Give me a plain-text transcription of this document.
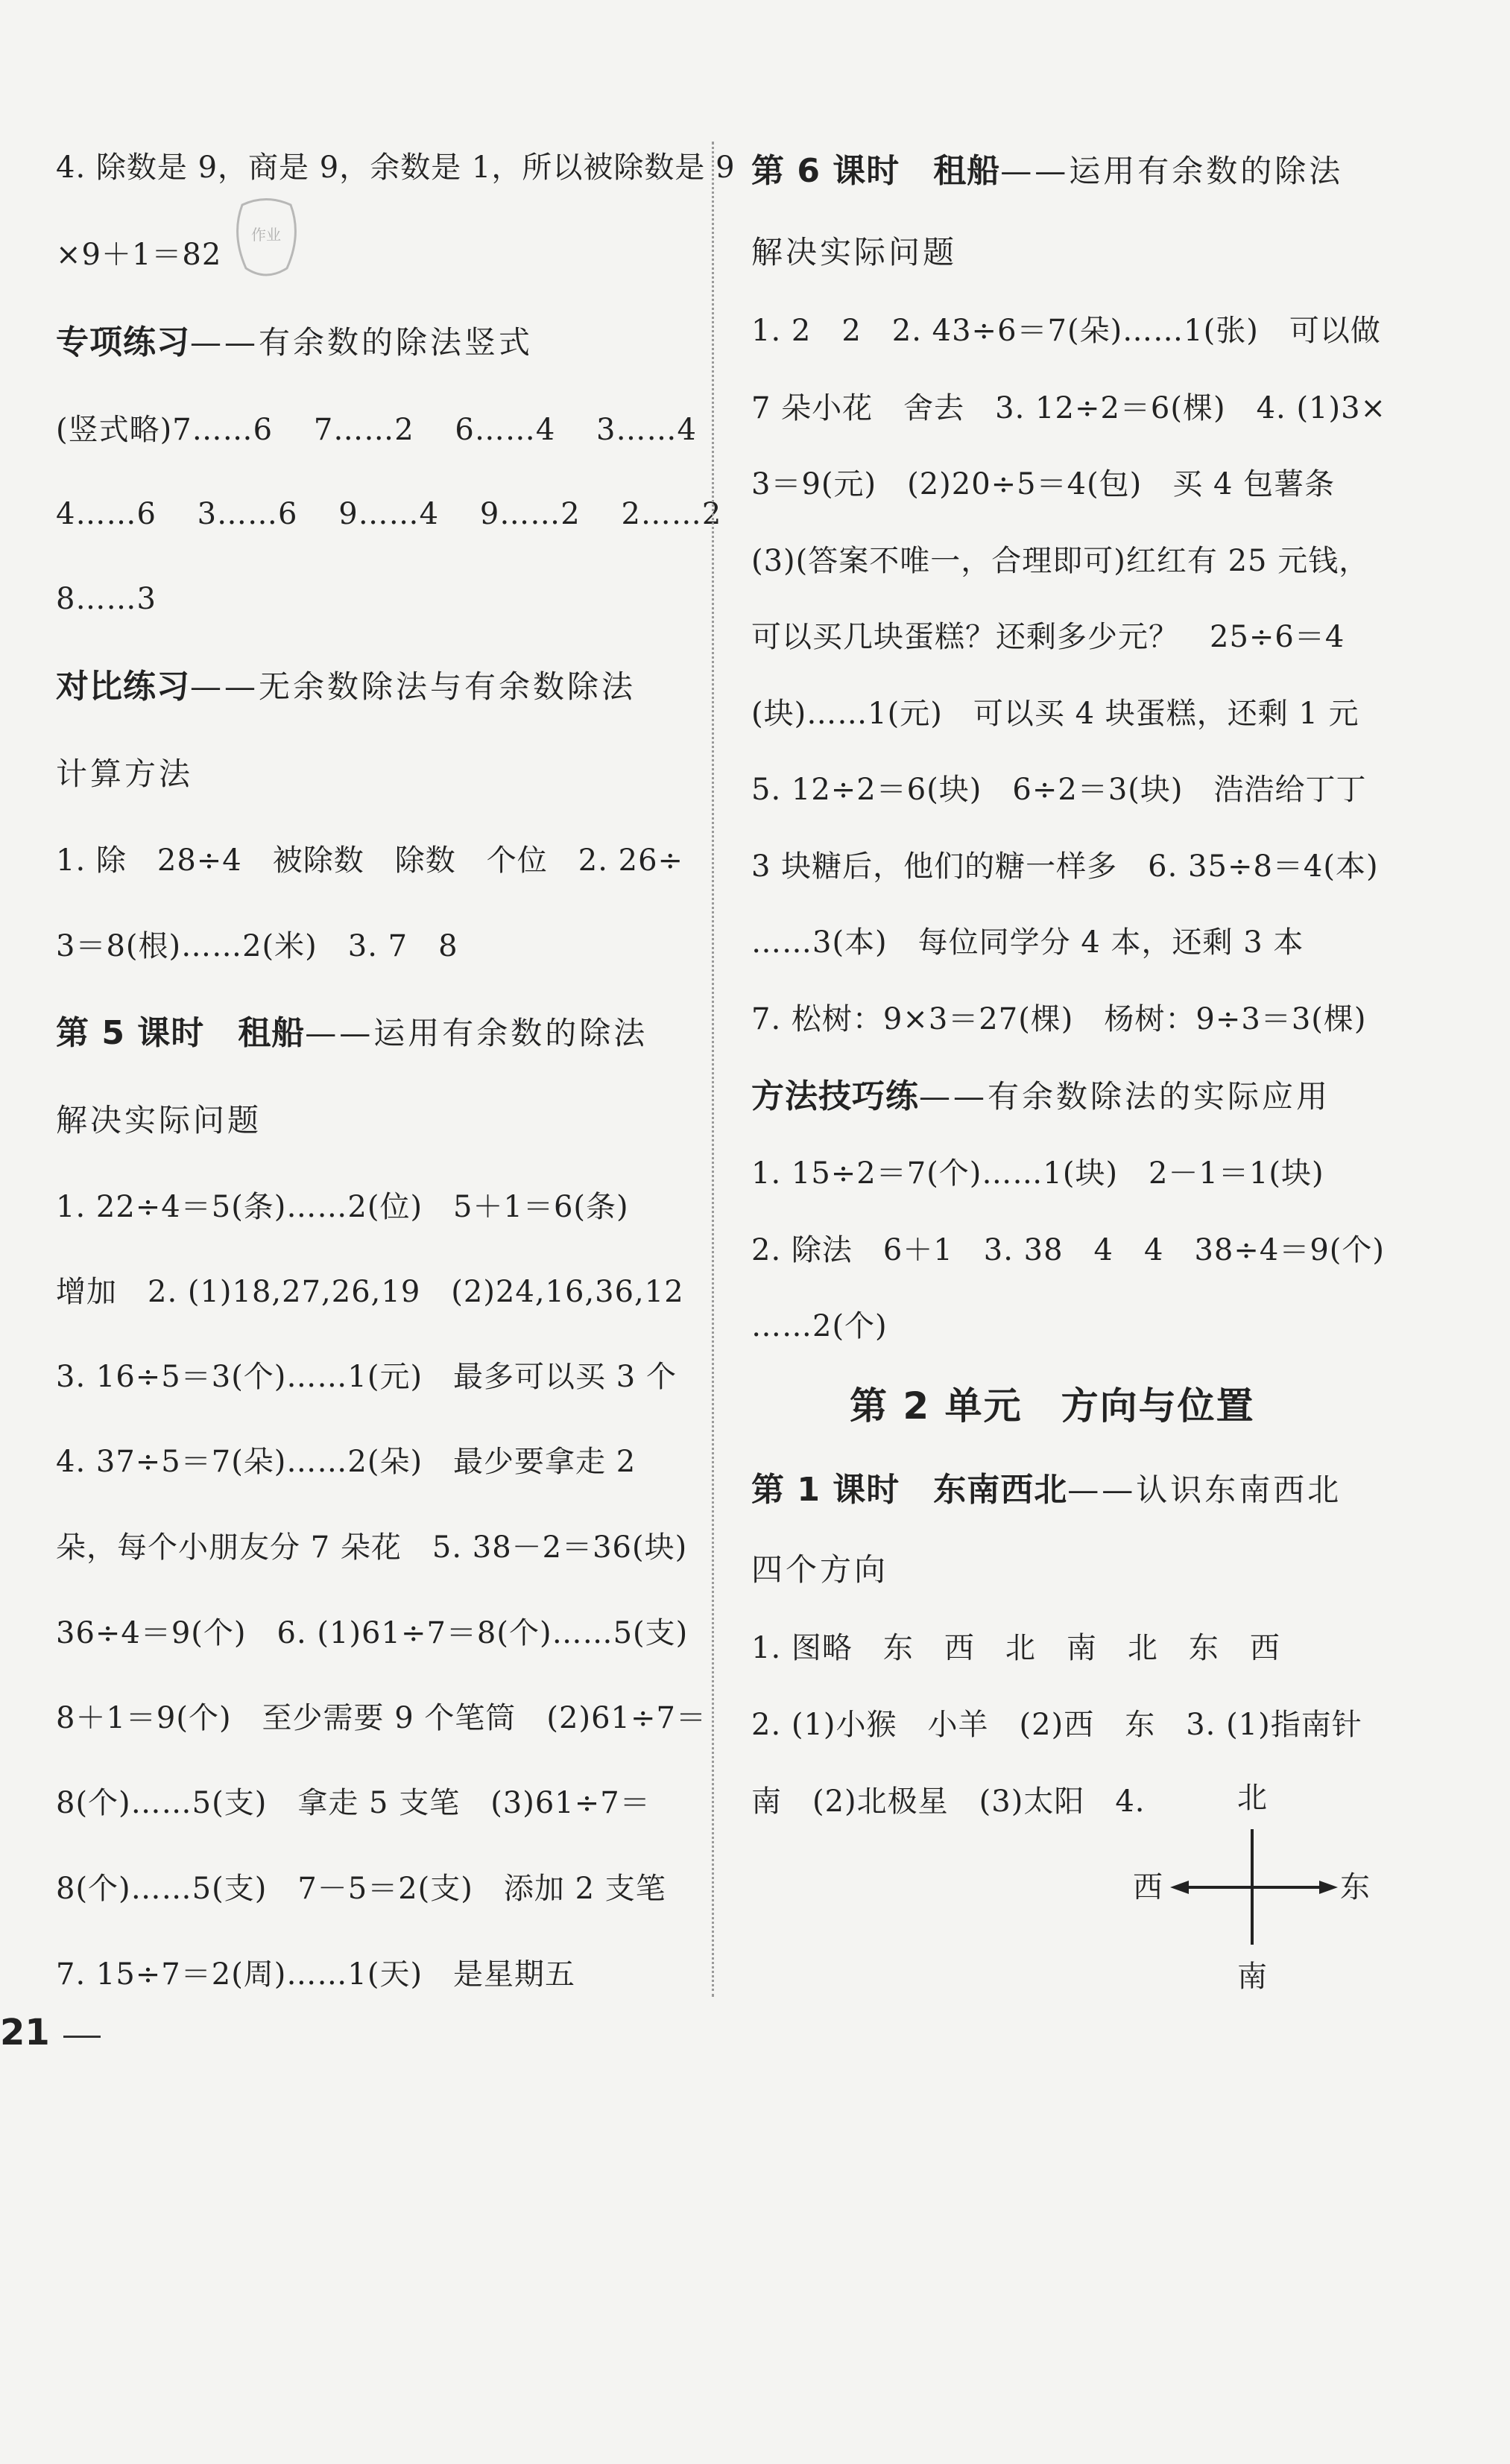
4. 除数是 9，商是 9，余数是 1，所以被除数是 9
×9＋1＝82
作业
专项练习——有余数的除法竖式
(竖式略)7……6　 7……2　 6……4　 3……4
4……6　 3……6　 9……4　 9……2　 2……2
8……3
对比练习——无余数除法与有余数除法
计算方法
1. 除　28÷4　被除数　除数　个位　2. 26÷
3＝8(根)……2(米)　3. 7　8
第 5 课时　租船——运用有余数的除法
解决实际问题
1. 22÷4＝5(条)……2(位)　5＋1＝6(条)
增加　2. (1)18,27,26,19　(2)24,16,36,12
3. 16÷5＝3(个)……1(元)　最多可以买 3 个
4. 37÷5＝7(朵)……2(朵)　最少要拿走 2
朵，每个小朋友分 7 朵花　5. 38－2＝36(块)
36÷4＝9(个)　6. (1)61÷7＝8(个)……5(支)
8＋1＝9(个)　至少需要 9 个笔筒　(2)61÷7＝
8(个)……5(支)　拿走 5 支笔　(3)61÷7＝
8(个)……5(支)　7－5＝2(支)　添加 2 支笔
7. 15÷7＝2(周)……1(天)　是星期五
第 6 课时　租船——运用有余数的除法
解决实际问题
1. 2　2　2. 43÷6＝7(朵)……1(张)　可以做
7 朵小花　舍去　3. 12÷2＝6(棵)　4. (1)3×
3＝9(元)　(2)20÷5＝4(包)　买 4 包薯条
(3)(答案不唯一，合理即可)红红有 25 元钱，
可以买几块蛋糕？还剩多少元？　25÷6＝4
(块)……1(元)　可以买 4 块蛋糕，还剩 1 元
5. 12÷2＝6(块)　6÷2＝3(块)　浩浩给丁丁
3 块糖后，他们的糖一样多　6. 35÷8＝4(本)
……3(本)　每位同学分 4 本，还剩 3 本
7. 松树：9×3＝27(棵)　杨树：9÷3＝3(棵)
方法技巧练——有余数除法的实际应用
1. 15÷2＝7(个)……1(块)　2－1＝1(块)
2. 除法　6＋1　3. 38　4　4　38÷4＝9(个)
……2(个)
第 2 单元　方向与位置
第 1 课时　东南西北——认识东南西北
四个方向
1. 图略　东　西　北　南　北　东　西
2. (1)小猴　小羊　(2)西　东　3. (1)指南针
南　(2)北极星　(3)太阳　4.	北
南
东
西
21
